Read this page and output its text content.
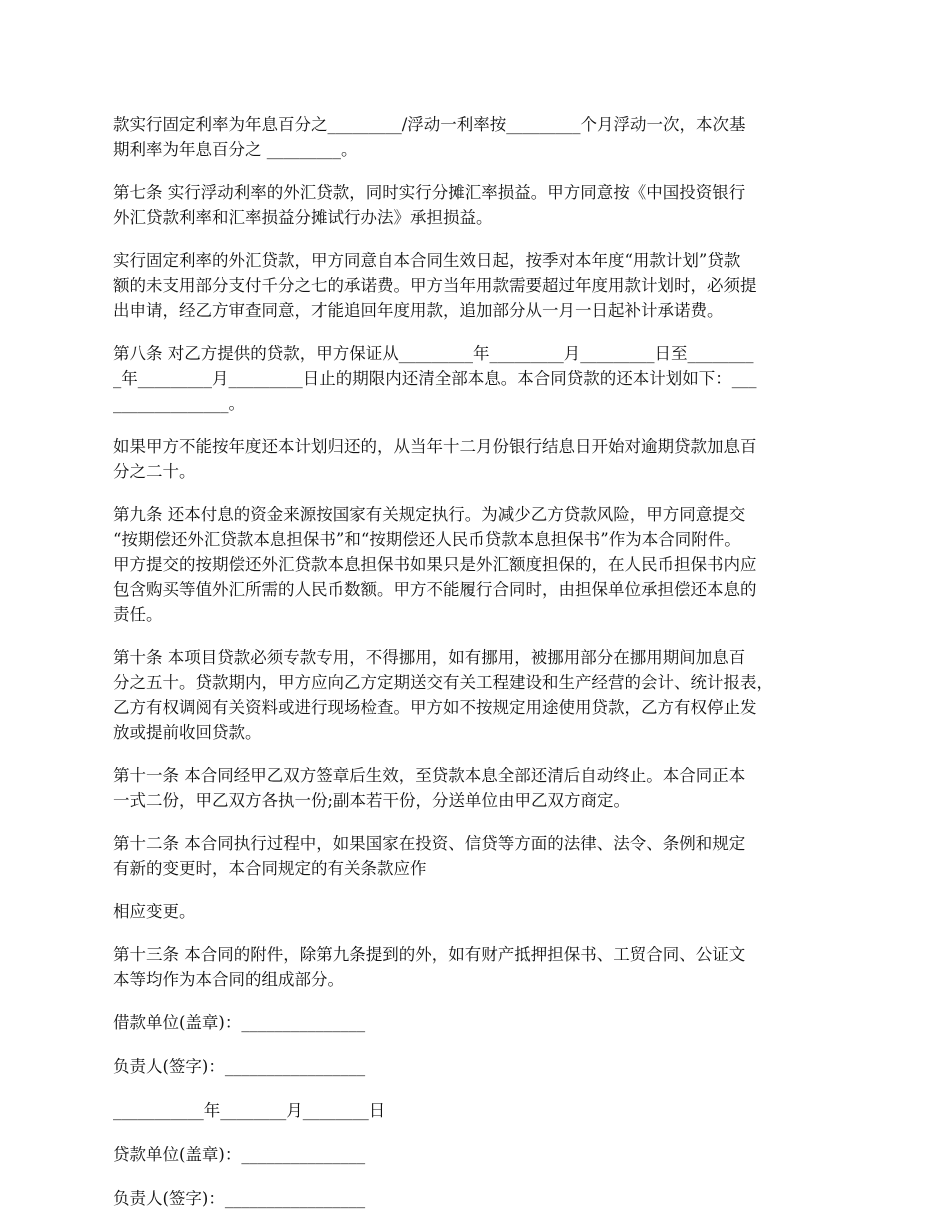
款实行固定利率为年息百分之_________/浮动一利率按_________个月浮动一次，本次基
期利率为年息百分之 _________。

第七条 实行浮动利率的外汇贷款，同时实行分摊汇率损益。甲方同意按《中国投资银行
外汇贷款利率和汇率损益分摊试行办法》承担损益。

实行固定利率的外汇贷款，甲方同意自本合同生效日起，按季对本年度“用款计划”贷款
额的未支用部分支付千分之七的承诺费。甲方当年用款需要超过年度用款计划时，必须提
出申请，经乙方审查同意，才能追回年度用款，追加部分从一月一日起补计承诺费。

第八条 对乙方提供的贷款，甲方保证从_________年_________月_________日至________
_年_________月_________日止的期限内还清全部本息。本合同贷款的还本计划如下：___
______________。

如果甲方不能按年度还本计划归还的，从当年十二月份银行结息日开始对逾期贷款加息百
分之二十。

第九条 还本付息的资金来源按国家有关规定执行。为减少乙方贷款风险，甲方同意提交
“按期偿还外汇贷款本息担保书”和“按期偿还人民币贷款本息担保书”作为本合同附件。
甲方提交的按期偿还外汇贷款本息担保书如果只是外汇额度担保的，在人民币担保书内应
包含购买等值外汇所需的人民币数额。甲方不能履行合同时，由担保单位承担偿还本息的
责任。

第十条 本项目贷款必须专款专用，不得挪用，如有挪用，被挪用部分在挪用期间加息百
分之五十。贷款期内，甲方应向乙方定期送交有关工程建设和生产经营的会计、统计报表，
乙方有权调阅有关资料或进行现场检查。甲方如不按规定用途使用贷款，乙方有权停止发
放或提前收回贷款。

第十一条 本合同经甲乙双方签章后生效，至贷款本息全部还清后自动终止。本合同正本
一式二份，甲乙双方各执一份;副本若干份，分送单位由甲乙双方商定。

第十二条 本合同执行过程中，如果国家在投资、信贷等方面的法律、法令、条例和规定
有新的变更时，本合同规定的有关条款应作

相应变更。

第十三条 本合同的附件，除第九条提到的外，如有财产抵押担保书、工贸合同、公证文
本等均作为本合同的组成部分。

借款单位(盖章)：_______________
负责人(签字)：_________________
___________年________月________日
贷款单位(盖章)：_______________
负责人(签字)：_________________
